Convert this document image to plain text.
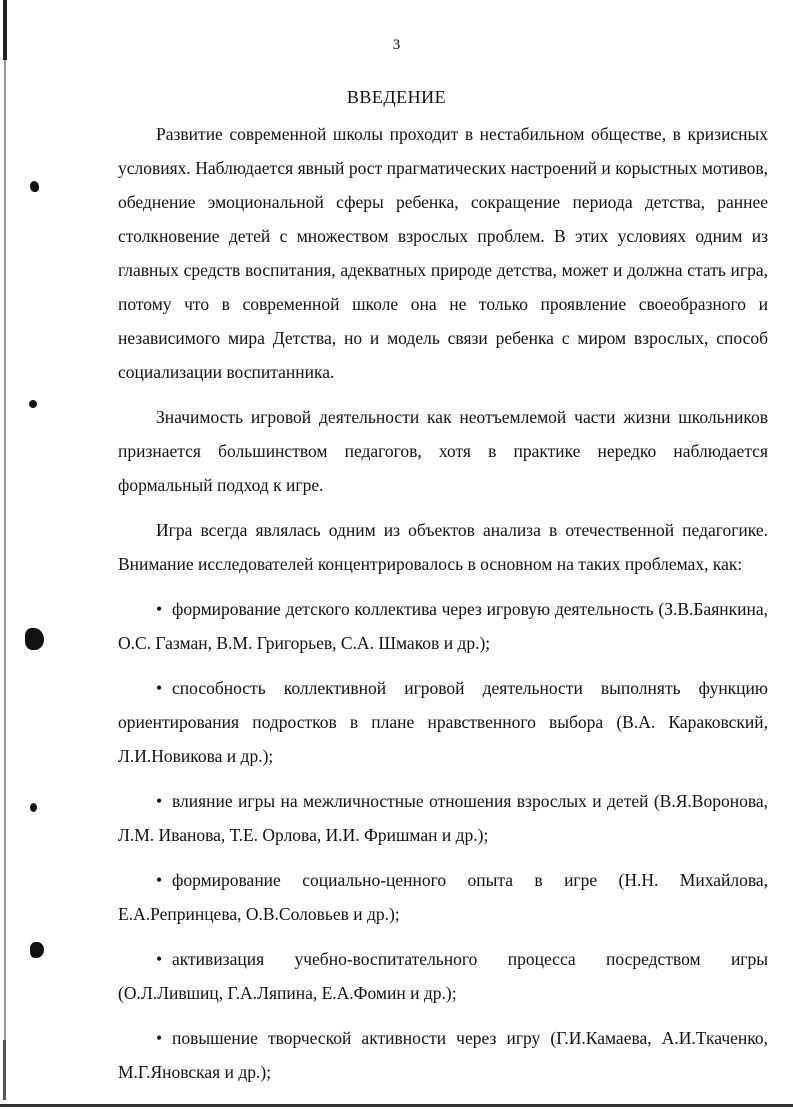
3
ВВЕДЕНИЕ

Развитие современной школы проходит в нестабильном обществе, в кризисных условиях. Наблюдается явный рост прагматических настроений и корыстных мотивов, обеднение эмоциональной сферы ребенка, сокращение периода детства, раннее столкновение детей с множеством взрослых проблем. В этих условиях одним из главных средств воспитания, адекватных природе детства, может и должна стать игра, потому что в современной школе она не только проявление своеобразного и независимого мира Детства, но и модель связи ребенка с миром взрослых, способ социализации воспитанника.

Значимость игровой деятельности как неотъемлемой части жизни школьников признается большинством педагогов, хотя в практике нередко наблюдается формальный подход к игре.

Игра всегда являлась одним из объектов анализа в отечественной педагогике. Внимание исследователей концентрировалось в основном на таких проблемах, как:

• формирование детского коллектива через игровую деятельность (З.В.Баянкина, О.С. Газман, В.М. Григорьев, С.А. Шмаков и др.);

• способность коллективной игровой деятельности выполнять функцию ориентирования подростков в плане нравственного выбора (В.А. Караковский, Л.И.Новикова и др.);

• влияние игры на межличностные отношения взрослых и детей (В.Я.Воронова, Л.М. Иванова, Т.Е. Орлова, И.И. Фришман и др.);

• формирование социально-ценного опыта в игре (Н.Н. Михайлова, Е.А.Репринцева, О.В.Соловьев и др.);

• активизация учебно-воспитательного процесса посредством игры (О.Л.Лившиц, Г.А.Ляпина, Е.А.Фомин и др.);

• повышение творческой активности через игру (Г.И.Камаева, А.И.Ткаченко, М.Г.Яновская и др.);
